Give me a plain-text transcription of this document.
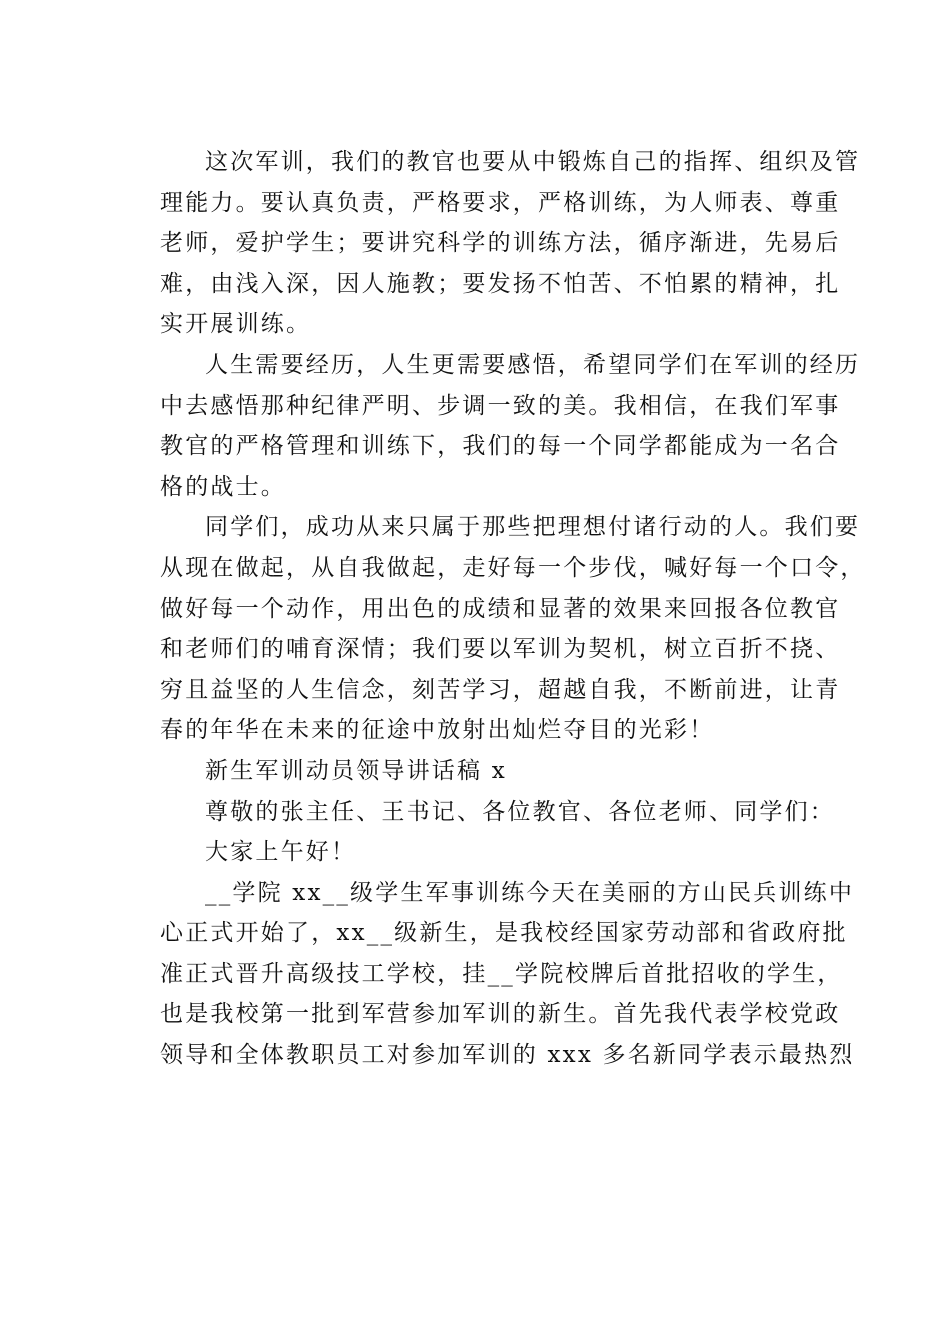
这次军训，我们的教官也要从中锻炼自己的指挥、组织及管
理能力。要认真负责，严格要求，严格训练，为人师表、尊重
老师，爱护学生；要讲究科学的训练方法，循序渐进，先易后
难，由浅入深，因人施教；要发扬不怕苦、不怕累的精神，扎
实开展训练。
人生需要经历，人生更需要感悟，希望同学们在军训的经历
中去感悟那种纪律严明、步调一致的美。我相信，在我们军事
教官的严格管理和训练下，我们的每一个同学都能成为一名合
格的战士。
同学们，成功从来只属于那些把理想付诸行动的人。我们要
从现在做起，从自我做起，走好每一个步伐，喊好每一个口令，
做好每一个动作，用出色的成绩和显著的效果来回报各位教官
和老师们的哺育深情；我们要以军训为契机，树立百折不挠、
穷且益坚的人生信念，刻苦学习，超越自我，不断前进，让青
春的年华在未来的征途中放射出灿烂夺目的光彩！
新生军训动员领导讲话稿 x
尊敬的张主任、王书记、各位教官、各位老师、同学们：
大家上午好！
__学院 xx__级学生军事训练今天在美丽的方山民兵训练中
心正式开始了，xx__级新生，是我校经国家劳动部和省政府批
准正式晋升高级技工学校，挂__学院校牌后首批招收的学生，
也是我校第一批到军营参加军训的新生。首先我代表学校党政
领导和全体教职员工对参加军训的 xxx 多名新同学表示最热烈
